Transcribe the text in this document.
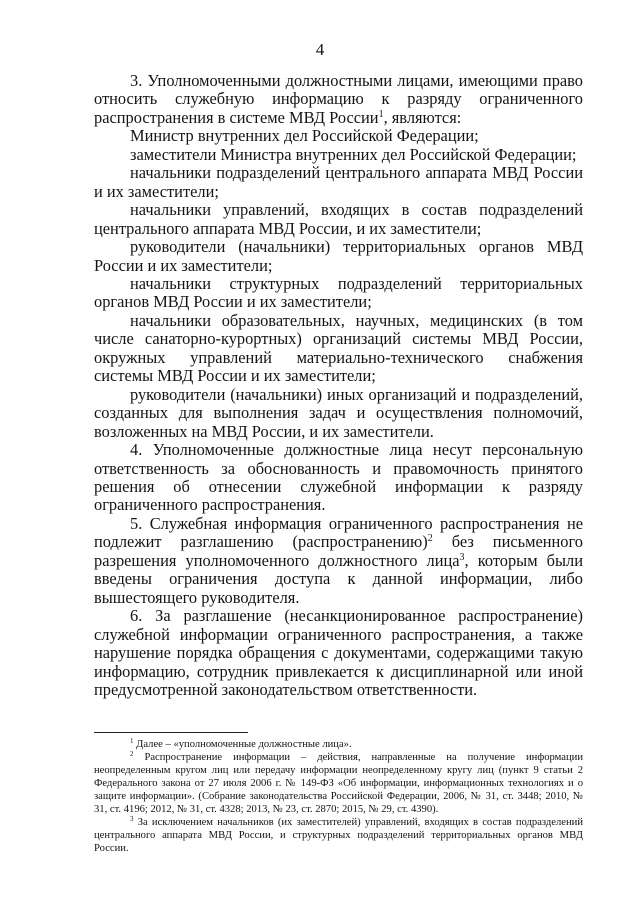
4

3. Уполномоченными должностными лицами, имеющими право относить служебную информацию к разряду ограниченного распространения в системе МВД России$^1$, являются:

Министр внутренних дел Российской Федерации;

заместители Министра внутренних дел Российской Федерации;

начальники подразделений центрального аппарата МВД России и их заместители;

начальники управлений, входящих в состав подразделений центрального аппарата МВД России, и их заместители;

руководители (начальники) территориальных органов МВД России и их заместители;

начальники структурных подразделений территориальных органов МВД России и их заместители;

начальники образовательных, научных, медицинских (в том числе санаторно-курортных) организаций системы МВД России, окружных управлений материально-технического снабжения системы МВД России и их заместители;

руководители (начальники) иных организаций и подразделений, созданных для выполнения задач и осуществления полномочий, возложенных на МВД России, и их заместители.

4. Уполномоченные должностные лица несут персональную ответственность за обоснованность и правомочность принятого решения об отнесении служебной информации к разряду ограниченного распространения.

5. Служебная информация ограниченного распространения не подлежит разглашению (распространению)$^2$ без письменного разрешения уполномоченного должностного лица$^3$, которым были введены ограничения доступа к данной информации, либо вышестоящего руководителя.

6. За разглашение (несанкционированное распространение) служебной информации ограниченного распространения, а также нарушение порядка обращения с документами, содержащими такую информацию, сотрудник привлекается к дисциплинарной или иной предусмотренной законодательством ответственности.

$^1$ Далее – «уполномоченные должностные лица».

$^2$ Распространение информации – действия, направленные на получение информации неопределенным кругом лиц или передачу информации неопределенному кругу лиц (пункт 9 статьи 2 Федерального закона от 27 июля 2006 г. № 149-ФЗ «Об информации, информационных технологиях и о защите информации». (Собрание законодательства Российской Федерации, 2006, № 31, ст. 3448; 2010, № 31, ст. 4196; 2012, № 31, ст. 4328; 2013, № 23, ст. 2870; 2015, № 29, ст. 4390).

$^3$ За исключением начальников (их заместителей) управлений, входящих в состав подразделений центрального аппарата МВД России, и структурных подразделений территориальных органов МВД России.
